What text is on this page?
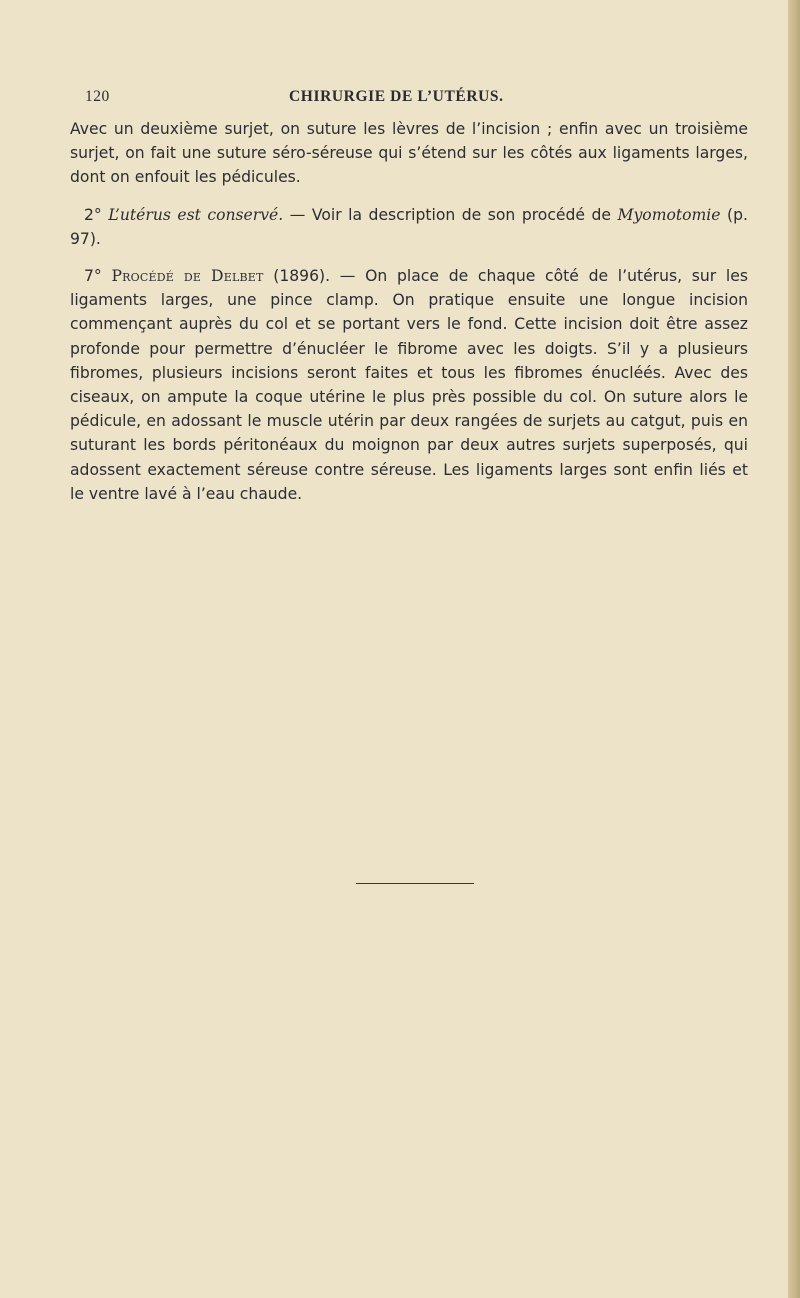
120	CHIRURGIE DE L’UTÉRUS.

Avec un deuxième surjet, on suture les lèvres de l’incision ; enfin avec un troisième surjet, on fait une suture séro-séreuse qui s’étend sur les côtés aux ligaments larges, dont on enfouit les pédicules.

2° L’utérus est conservé. — Voir la description de son procédé de Myomotomie (p. 97).

7° Procédé de Delbet (1896). — On place de chaque côté de l’utérus, sur les ligaments larges, une pince clamp. On pratique ensuite une longue incision commençant auprès du col et se portant vers le fond. Cette incision doit être assez profonde pour permettre d’énucléer le fibrome avec les doigts. S’il y a plusieurs fibromes, plusieurs incisions seront faites et tous les fibromes énucléés. Avec des ciseaux, on ampute la coque utérine le plus près possible du col. On suture alors le pédicule, en adossant le muscle utérin par deux rangées de surjets au catgut, puis en suturant les bords péritonéaux du moignon par deux autres surjets superposés, qui adossent exactement séreuse contre séreuse. Les ligaments larges sont enfin liés et le ventre lavé à l’eau chaude.
